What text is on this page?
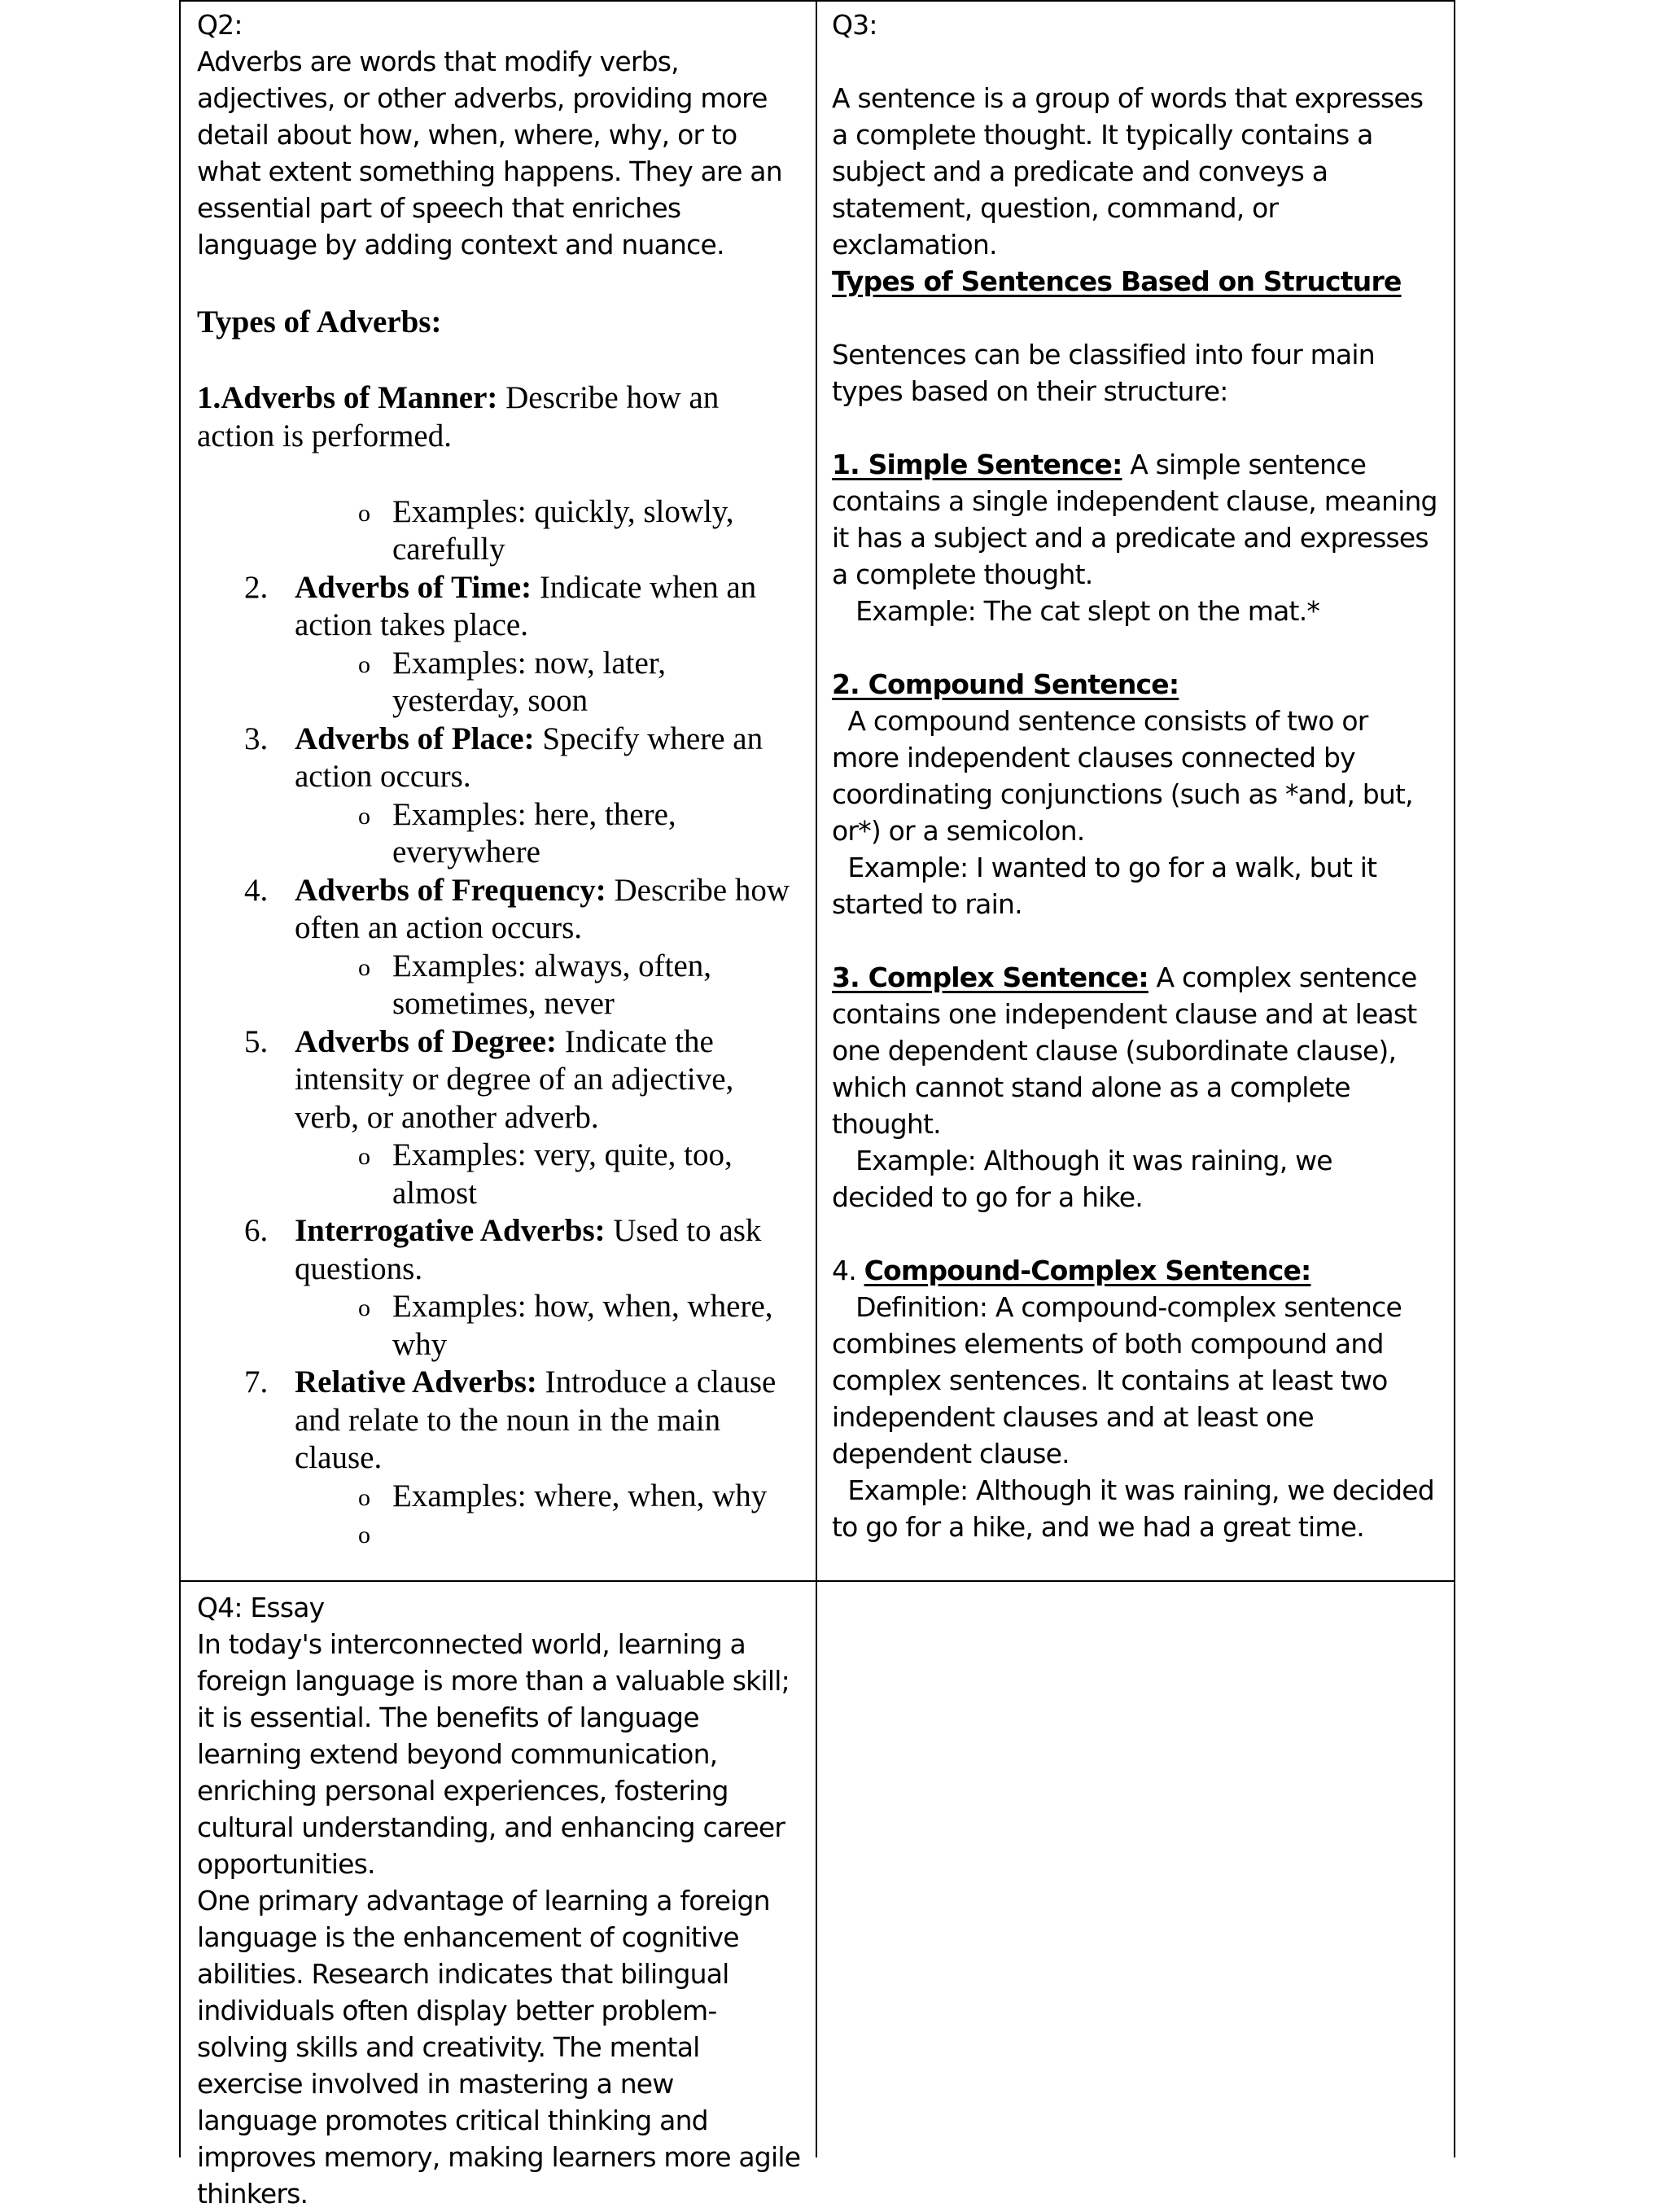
Q2:

Adverbs are words that modify verbs, adjectives, or other adverbs, providing more detail about how, when, where, why, or to what extent something happens. They are an essential part of speech that enriches language by adding context and nuance.

Types of Adverbs:

1.Adverbs of Manner: Describe how an action is performed.

o Examples: quickly, slowly, carefully
2. Adverbs of Time: Indicate when an action takes place.
o Examples: now, later, yesterday, soon
3. Adverbs of Place: Specify where an action occurs.
o Examples: here, there, everywhere
4. Adverbs of Frequency: Describe how often an action occurs.
o Examples: always, often, sometimes, never
5. Adverbs of Degree: Indicate the intensity or degree of an adjective, verb, or another adverb.
o Examples: very, quite, too, almost
6. Interrogative Adverbs: Used to ask questions.
o Examples: how, when, where, why
7. Relative Adverbs: Introduce a clause and relate to the noun in the main clause.
o Examples: where, when, why
o

Q3:

A sentence is a group of words that expresses a complete thought. It typically contains a subject and a predicate and conveys a statement, question, command, or exclamation.

Types of Sentences Based on Structure

Sentences can be classified into four main types based on their structure:

1. Simple Sentence: A simple sentence contains a single independent clause, meaning it has a subject and a predicate and expresses a complete thought.

Example: The cat slept on the mat.*

2. Compound Sentence:

A compound sentence consists of two or more independent clauses connected by coordinating conjunctions (such as *and, but, or*) or a semicolon.

Example: I wanted to go for a walk, but it started to rain.

3. Complex Sentence: A complex sentence contains one independent clause and at least one dependent clause (subordinate clause), which cannot stand alone as a complete thought.

Example: Although it was raining, we decided to go for a hike.

4. Compound-Complex Sentence:

Definition: A compound-complex sentence combines elements of both compound and complex sentences. It contains at least two independent clauses and at least one dependent clause.

Example: Although it was raining, we decided to go for a hike, and we had a great time.

Q4: Essay

In today's interconnected world, learning a foreign language is more than a valuable skill; it is essential. The benefits of language learning extend beyond communication, enriching personal experiences, fostering cultural understanding, and enhancing career opportunities.

One primary advantage of learning a foreign language is the enhancement of cognitive abilities. Research indicates that bilingual individuals often display better problem-solving skills and creativity. The mental exercise involved in mastering a new language promotes critical thinking and improves memory, making learners more agile thinkers.
